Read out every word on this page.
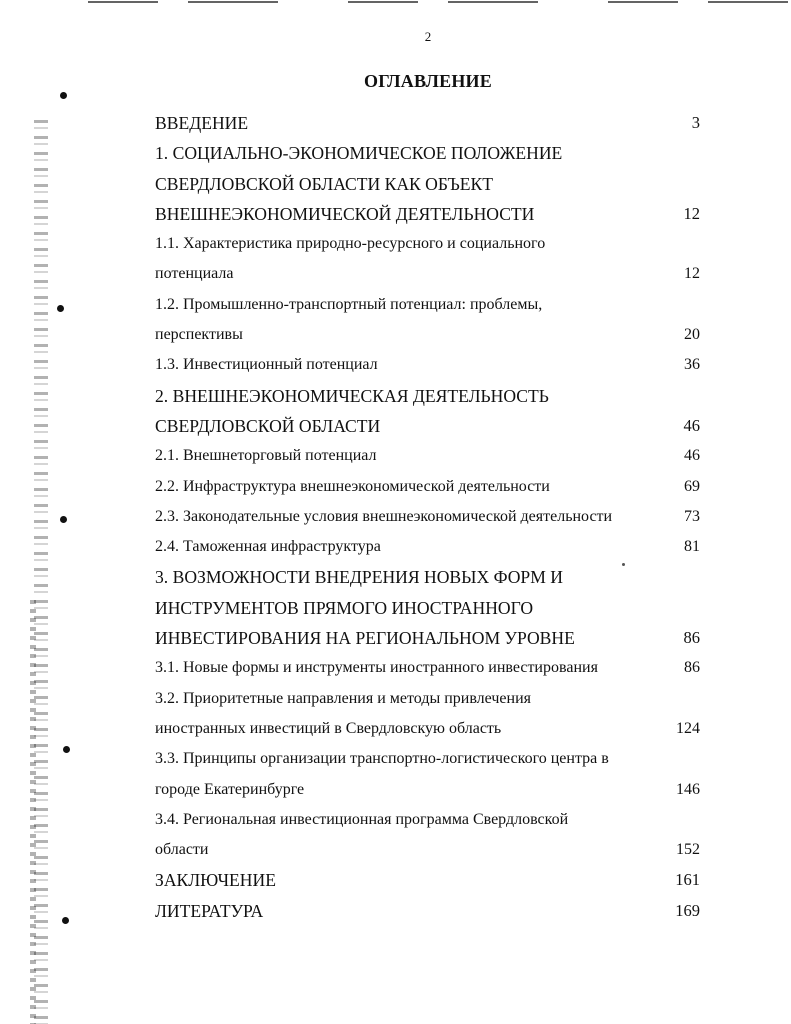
2
ОГЛАВЛЕНИЕ
ВВЕДЕНИЕ	3
1. СОЦИАЛЬНО-ЭКОНОМИЧЕСКОЕ ПОЛОЖЕНИЕ
СВЕРДЛОВСКОЙ ОБЛАСТИ КАК ОБЪЕКТ
ВНЕШНЕЭКОНОМИЧЕСКОЙ ДЕЯТЕЛЬНОСТИ	12
1.1. Характеристика природно-ресурсного и социального
потенциала	12
1.2. Промышленно-транспортный потенциал: проблемы,
перспективы	20
1.3. Инвестиционный потенциал	36
2. ВНЕШНЕЭКОНОМИЧЕСКАЯ ДЕЯТЕЛЬНОСТЬ
СВЕРДЛОВСКОЙ ОБЛАСТИ	46
2.1. Внешнеторговый потенциал	46
2.2. Инфраструктура внешнеэкономической деятельности	69
2.3. Законодательные условия внешнеэкономической деятельности	73
2.4. Таможенная инфраструктура	81
3. ВОЗМОЖНОСТИ ВНЕДРЕНИЯ НОВЫХ ФОРМ И
ИНСТРУМЕНТОВ ПРЯМОГО ИНОСТРАННОГО
ИНВЕСТИРОВАНИЯ НА РЕГИОНАЛЬНОМ УРОВНЕ	86
3.1. Новые формы и инструменты иностранного инвестирования	86
3.2. Приоритетные направления и методы привлечения
иностранных инвестиций в Свердловскую область	124
3.3. Принципы организации транспортно-логистического центра в
городе Екатеринбурге	146
3.4. Региональная инвестиционная программа Свердловской
области	152
ЗАКЛЮЧЕНИЕ	161
ЛИТЕРАТУРА	169
